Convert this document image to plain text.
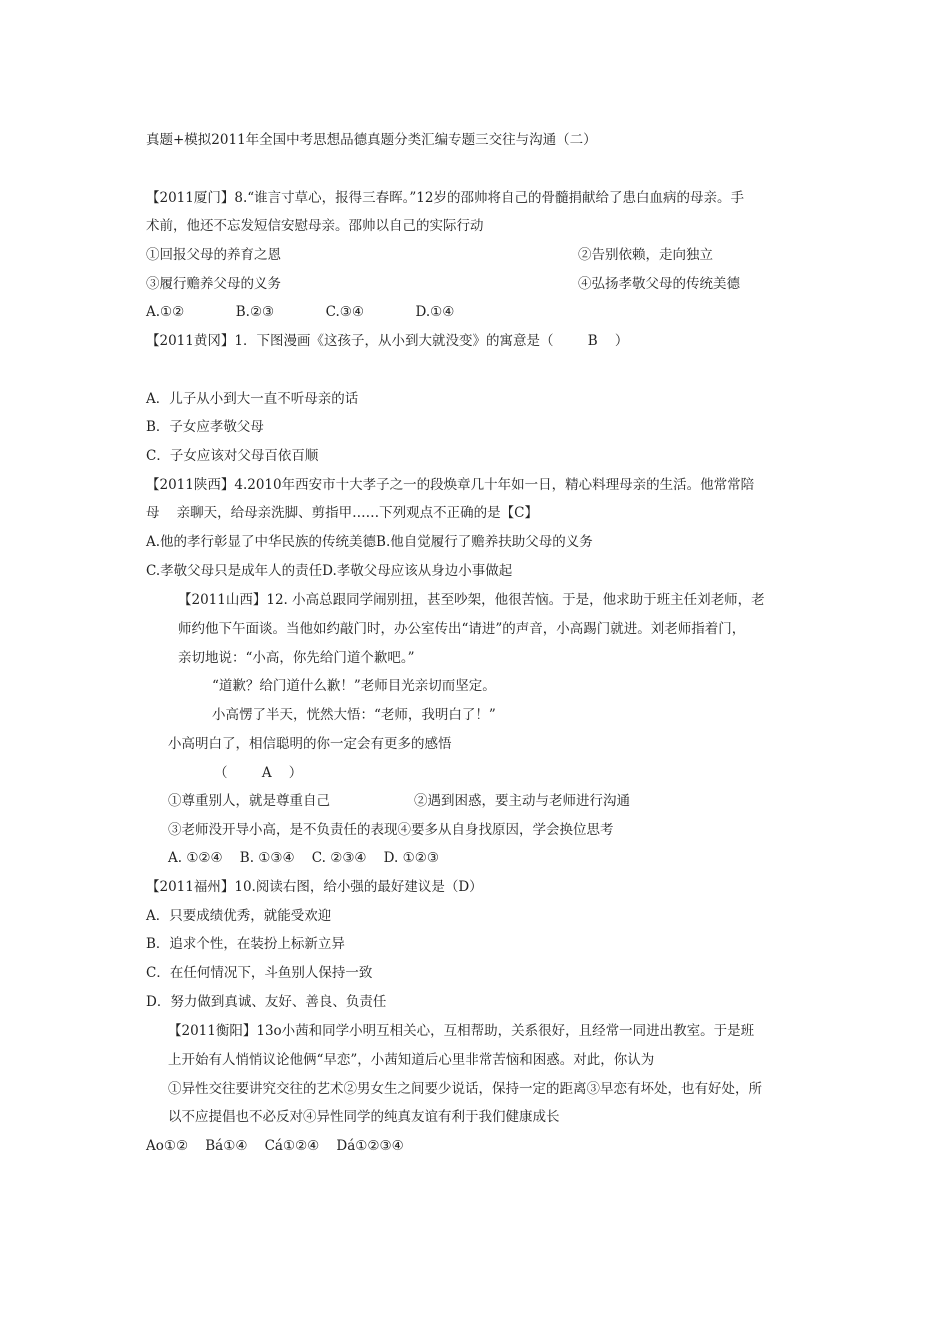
真题+模拟2011年全国中考思想品德真题分类汇编专题三交往与沟通（二）
【2011厦门】8.“谁言寸草心，报得三春晖。”12岁的邵帅将自己的骨髓捐献给了患白血病的母亲。手
术前，他还不忘发短信安慰母亲。邵帅以自己的实际行动
①回报父母的养育之恩	②告别依赖，走向独立
③履行赡养父母的义务	④弘扬孝敬父母的传统美德
A.①②            B.②③            C.③④            D.①④
【2011黄冈】1．下图漫画《这孩子，从小到大就没变》的寓意是（        B    ）
A．儿子从小到大一直不听母亲的话
B．子女应孝敬父母
C．子女应该对父母百依百顺
【2011陕西】4.2010年西安市十大孝子之一的段焕章几十年如一日，精心料理母亲的生活。他常常陪
母    亲聊天，给母亲洗脚、剪指甲……下列观点不正确的是【C】
A.他的孝行彰显了中华民族的传统美德B.他自觉履行了赡养扶助父母的义务
C.孝敬父母只是成年人的责任D.孝敬父母应该从身边小事做起
【2011山西】12. 小高总跟同学闹别扭，甚至吵架，他很苦恼。于是，他求助于班主任刘老师，老
师约他下午面谈。当他如约敲门时，办公室传出“请进”的声音，小高踢门就进。刘老师指着门，
亲切地说：“小高，你先给门道个歉吧。”
“道歉？给门道什么歉！”老师目光亲切而坚定。
小高愣了半天，恍然大悟：“老师，我明白了！”
小高明白了，相信聪明的你一定会有更多的感悟
（        A    ）
①尊重别人，就是尊重自己	②遇到困惑，要主动与老师进行沟通
③老师没开导小高，是不负责任的表现④要多从自身找原因，学会换位思考
A. ①②④    B. ①③④    C. ②③④    D. ①②③
【2011福州】10.阅读右图，给小强的最好建议是（D）
A．只要成绩优秀，就能受欢迎
B．追求个性，在装扮上标新立异
C．在任何情况下，斗鱼别人保持一致
D．努力做到真诚、友好、善良、负责任
【2011衡阳】13o小茜和同学小明互相关心，互相帮助，关系很好，且经常一同进出教室。于是班
上开始有人悄悄议论他俩“早恋”，小茜知道后心里非常苦恼和困惑。对此，你认为
①异性交往要讲究交往的艺术②男女生之间要少说话，保持一定的距离③早恋有坏处，也有好处，所
以不应提倡也不必反对④异性同学的纯真友谊有利于我们健康成长
Ao①②    Bá①④    Cá①②④    Dá①②③④
